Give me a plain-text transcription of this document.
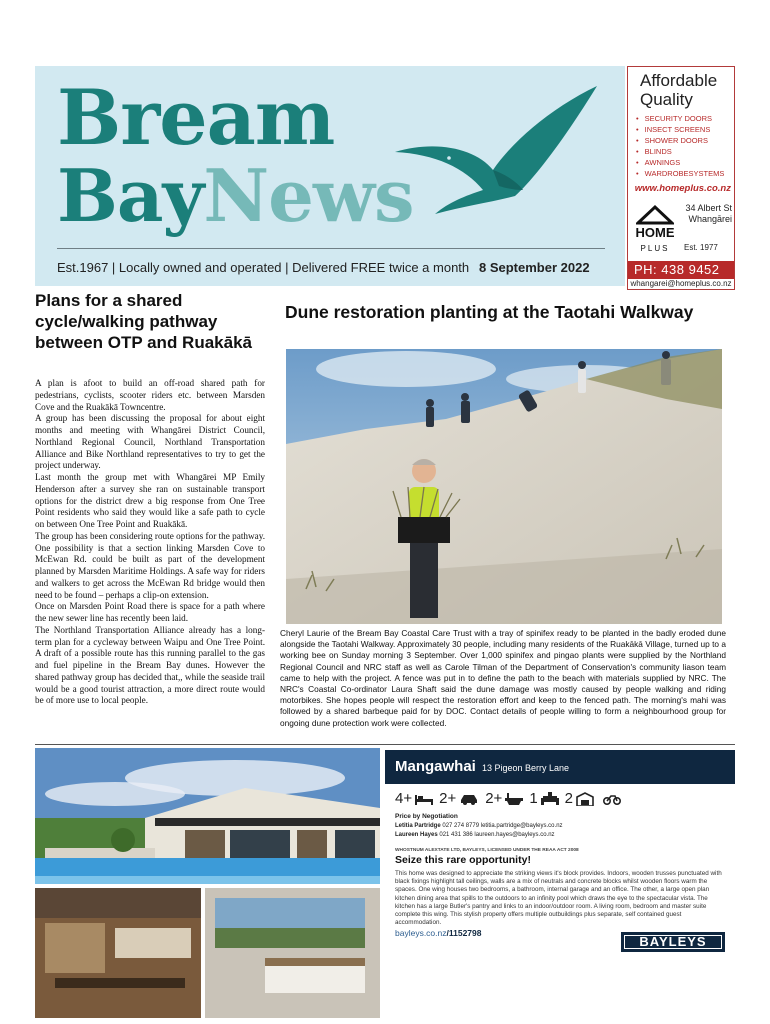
Bream
BayNews
Est.1967 | Locally owned and operated | Delivered FREE twice a month 8 September 2022
Affordable Quality
• SECURITY DOORS
• INSECT SCREENS
• SHOWER DOORS
• BLINDS
• AWNINGS
• WARDROBESYSTEMS
www.homeplus.co.nz
HOME
PLUS
34 Albert St
Whangārei
Est. 1977
PH: 438 9452
whangarei@homeplus.co.nz
Plans for a shared cycle/walking pathway between OTP and Ruakākā

A plan is afoot to build an off-road shared path for pedestrians, cyclists, scooter riders etc. between Marsden Cove and the Ruakākā Towncentre.

A group has been discussing the proposal for about eight months and meeting with Whangārei District Council, Northland Regional Council, Northland Transportation Alliance and Bike Northland representatives to try to get the project underway.

Last month the group met with Whangārei MP Emily Henderson after a survey she ran on sustainable transport options for the district drew a big response from One Tree Point residents who said they would like a safe path to cycle on between One Tree Point and Ruakākā.

The group has been considering route options for the pathway. One possibility is that a section linking Marsden Cove to McEwan Rd. could be built as part of the development planned by Marsden Maritime Holdings. A safe way for riders and walkers to get across the McEwan Rd bridge would then need to be found – perhaps a clip-on extension.

Once on Marsden Point Road there is space for a path where the new sewer line has recently been laid.

The Northland Transportation Alliance already has a long-term plan for a cycleway between Waipu and One Tree Point. A draft of a possible route has this running parallel to the gas and fuel pipeline in the Bream Bay dunes. However the shared pathway group has decided that,, while the seaside trail would be a good tourist attraction, a more direct route would be of more use to local people.

Dune restoration planting at the Taotahi Walkway
Cheryl Laurie of the Bream Bay Coastal Care Trust with a tray of spinifex ready to be planted in the badly eroded dune alongside the Taotahi Walkway. Approximately 30 people, including many residents of the Ruakākā Village, turned up to a working bee on Sunday morning 3 September. Over 1,000 spinifex and pingao plants were supplied by the Northland Regional Council and NRC staff as well as Carole Tilman of the Department of Conservation's community liason team came to help with the project. A fence was put in to define the path to the beach with materials supplied by NRC. The NRC's Coastal Co-ordinator Laura Shaft said the dune damage was mostly caused by people walking and riding motorbikes. She hopes people will respect the restoration effort and keep to the fenced path. The morning's mahi was followed by a shared barbeque paid for by DOC. Contact details of people willing to form a neighbourhood group for ongoing dune protection work were collected.
Mangawhai 13 Pigeon Berry Lane
4+ 2+ 2+ 1 2
Price by Negotiation
Letitia Partridge 027 274 8779 letitia.partridge@bayleys.co.nz
Laureen Hayes 021 431 386 laureen.hayes@bayleys.co.nz
WHOSTNUM ALEXTATE LTD, BAYLEYS, LICENSED UNDER THE REAA ACT 2008
Seize this rare opportunity!
This home was designed to appreciate the striking views it's block provides. Indoors, wooden trusses punctuated with black fixings highlight tall ceilings, walls are a mix of neutrals and concrete blocks whilst wooden floors warm the spaces. One wing houses two bedrooms, a bathroom, internal garage and an office. The other, a large open plan kitchen dining area that spills to the outdoors to an infinity pool which draws the eye to the spectacular vista. The kitchen has a large Butler's pantry and links to an indoor/outdoor room. A living room, bedroom and master suite complete this wing. This stylish property offers multiple outbuildings plus separate, self contained guest accommodation.
bayleys.co.nz/1152798
BAYLEYS
